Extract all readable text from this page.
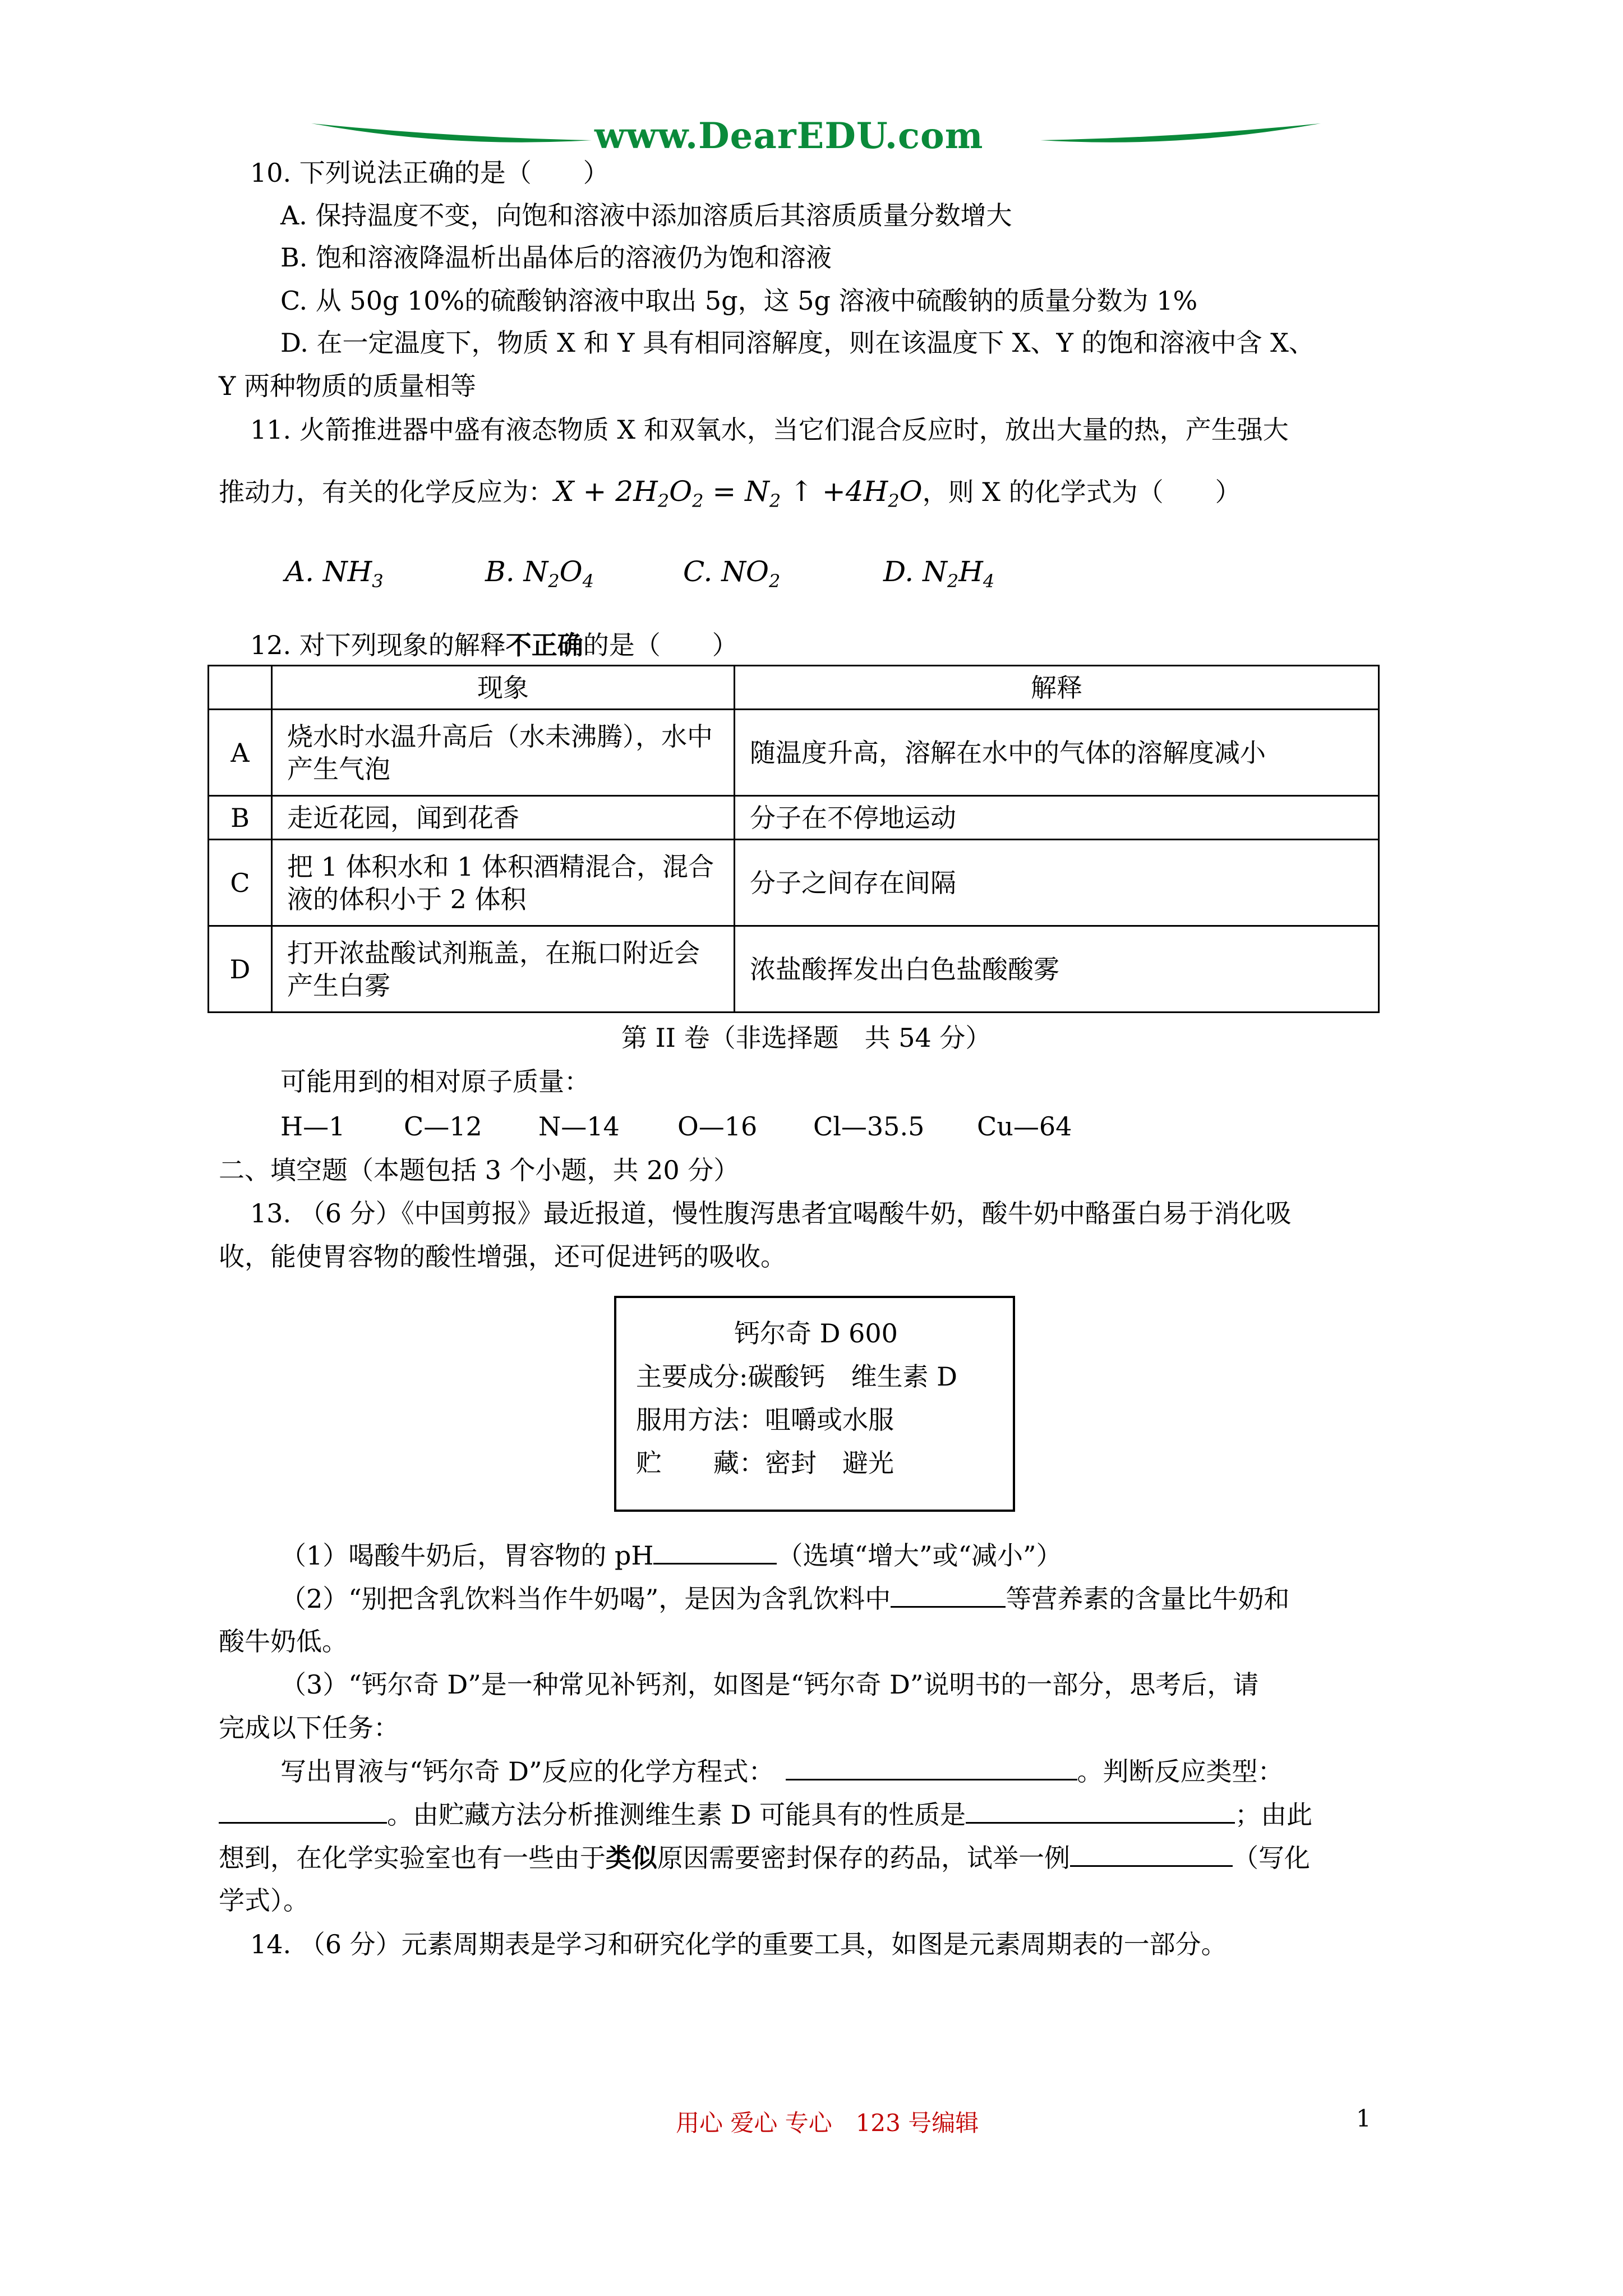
www.DearEDU.com
10. 下列说法正确的是（　　）
A. 保持温度不变，向饱和溶液中添加溶质后其溶质质量分数增大
B. 饱和溶液降温析出晶体后的溶液仍为饱和溶液
C. 从 50g 10%的硫酸钠溶液中取出 5g，这 5g 溶液中硫酸钠的质量分数为 1%
D. 在一定温度下，物质 X 和 Y 具有相同溶解度，则在该温度下 X、Y 的饱和溶液中含 X、
Y 两种物质的质量相等
11. 火箭推进器中盛有液态物质 X 和双氧水，当它们混合反应时，放出大量的热，产生强大
推动力，有关的化学反应为：$X + 2H_2O_2 = N_2$ ↑ $+4H_2O$，则 X 的化学式为（　　）
A. $NH_3$	B. $N_2O_4$	C. $NO_2$	D. $N_2H_4$
12. 对下列现象的解释不正确的是（　　）
	现象	解释
A	烧水时水温升高后（水未沸腾），水中产生气泡	随温度升高，溶解在水中的气体的溶解度减小
B	走近花园，闻到花香	分子在不停地运动
C	把 1 体积水和 1 体积酒精混合，混合液的体积小于 2 体积	分子之间存在间隔
D	打开浓盐酸试剂瓶盖，在瓶口附近会产生白雾	浓盐酸挥发出白色盐酸酸雾
第 II 卷（非选择题　共 54 分）
可能用到的相对原子质量：
H—1 C—12 N—14 O—16 Cl—35.5 Cu—64
二、填空题（本题包括 3 个小题，共 20 分）
13. （6 分）《中国剪报》最近报道，慢性腹泻患者宜喝酸牛奶，酸牛奶中酪蛋白易于消化吸
收，能使胃容物的酸性增强，还可促进钙的吸收。
钙尔奇 D 600
主要成分:碳酸钙　维生素 D
服用方法：咀嚼或水服
贮　　藏：密封　避光
（1）喝酸牛奶后，胃容物的 pH	（选填“增大”或“减小”）
（2）“别把含乳饮料当作牛奶喝”，是因为含乳饮料中	等营养素的含量比牛奶和
酸牛奶低。
（3）“钙尔奇 D”是一种常见补钙剂，如图是“钙尔奇 D”说明书的一部分，思考后，请
完成以下任务：
写出胃液与“钙尔奇 D”反应的化学方程式：	。判断反应类型：
。由贮藏方法分析推测维生素 D 可能具有的性质是	；由此
想到，在化学实验室也有一些由于类似原因需要密封保存的药品，试举一例	（写化
学式）。
14. （6 分）元素周期表是学习和研究化学的重要工具，如图是元素周期表的一部分。
用心 爱心 专心　123 号编辑	1
